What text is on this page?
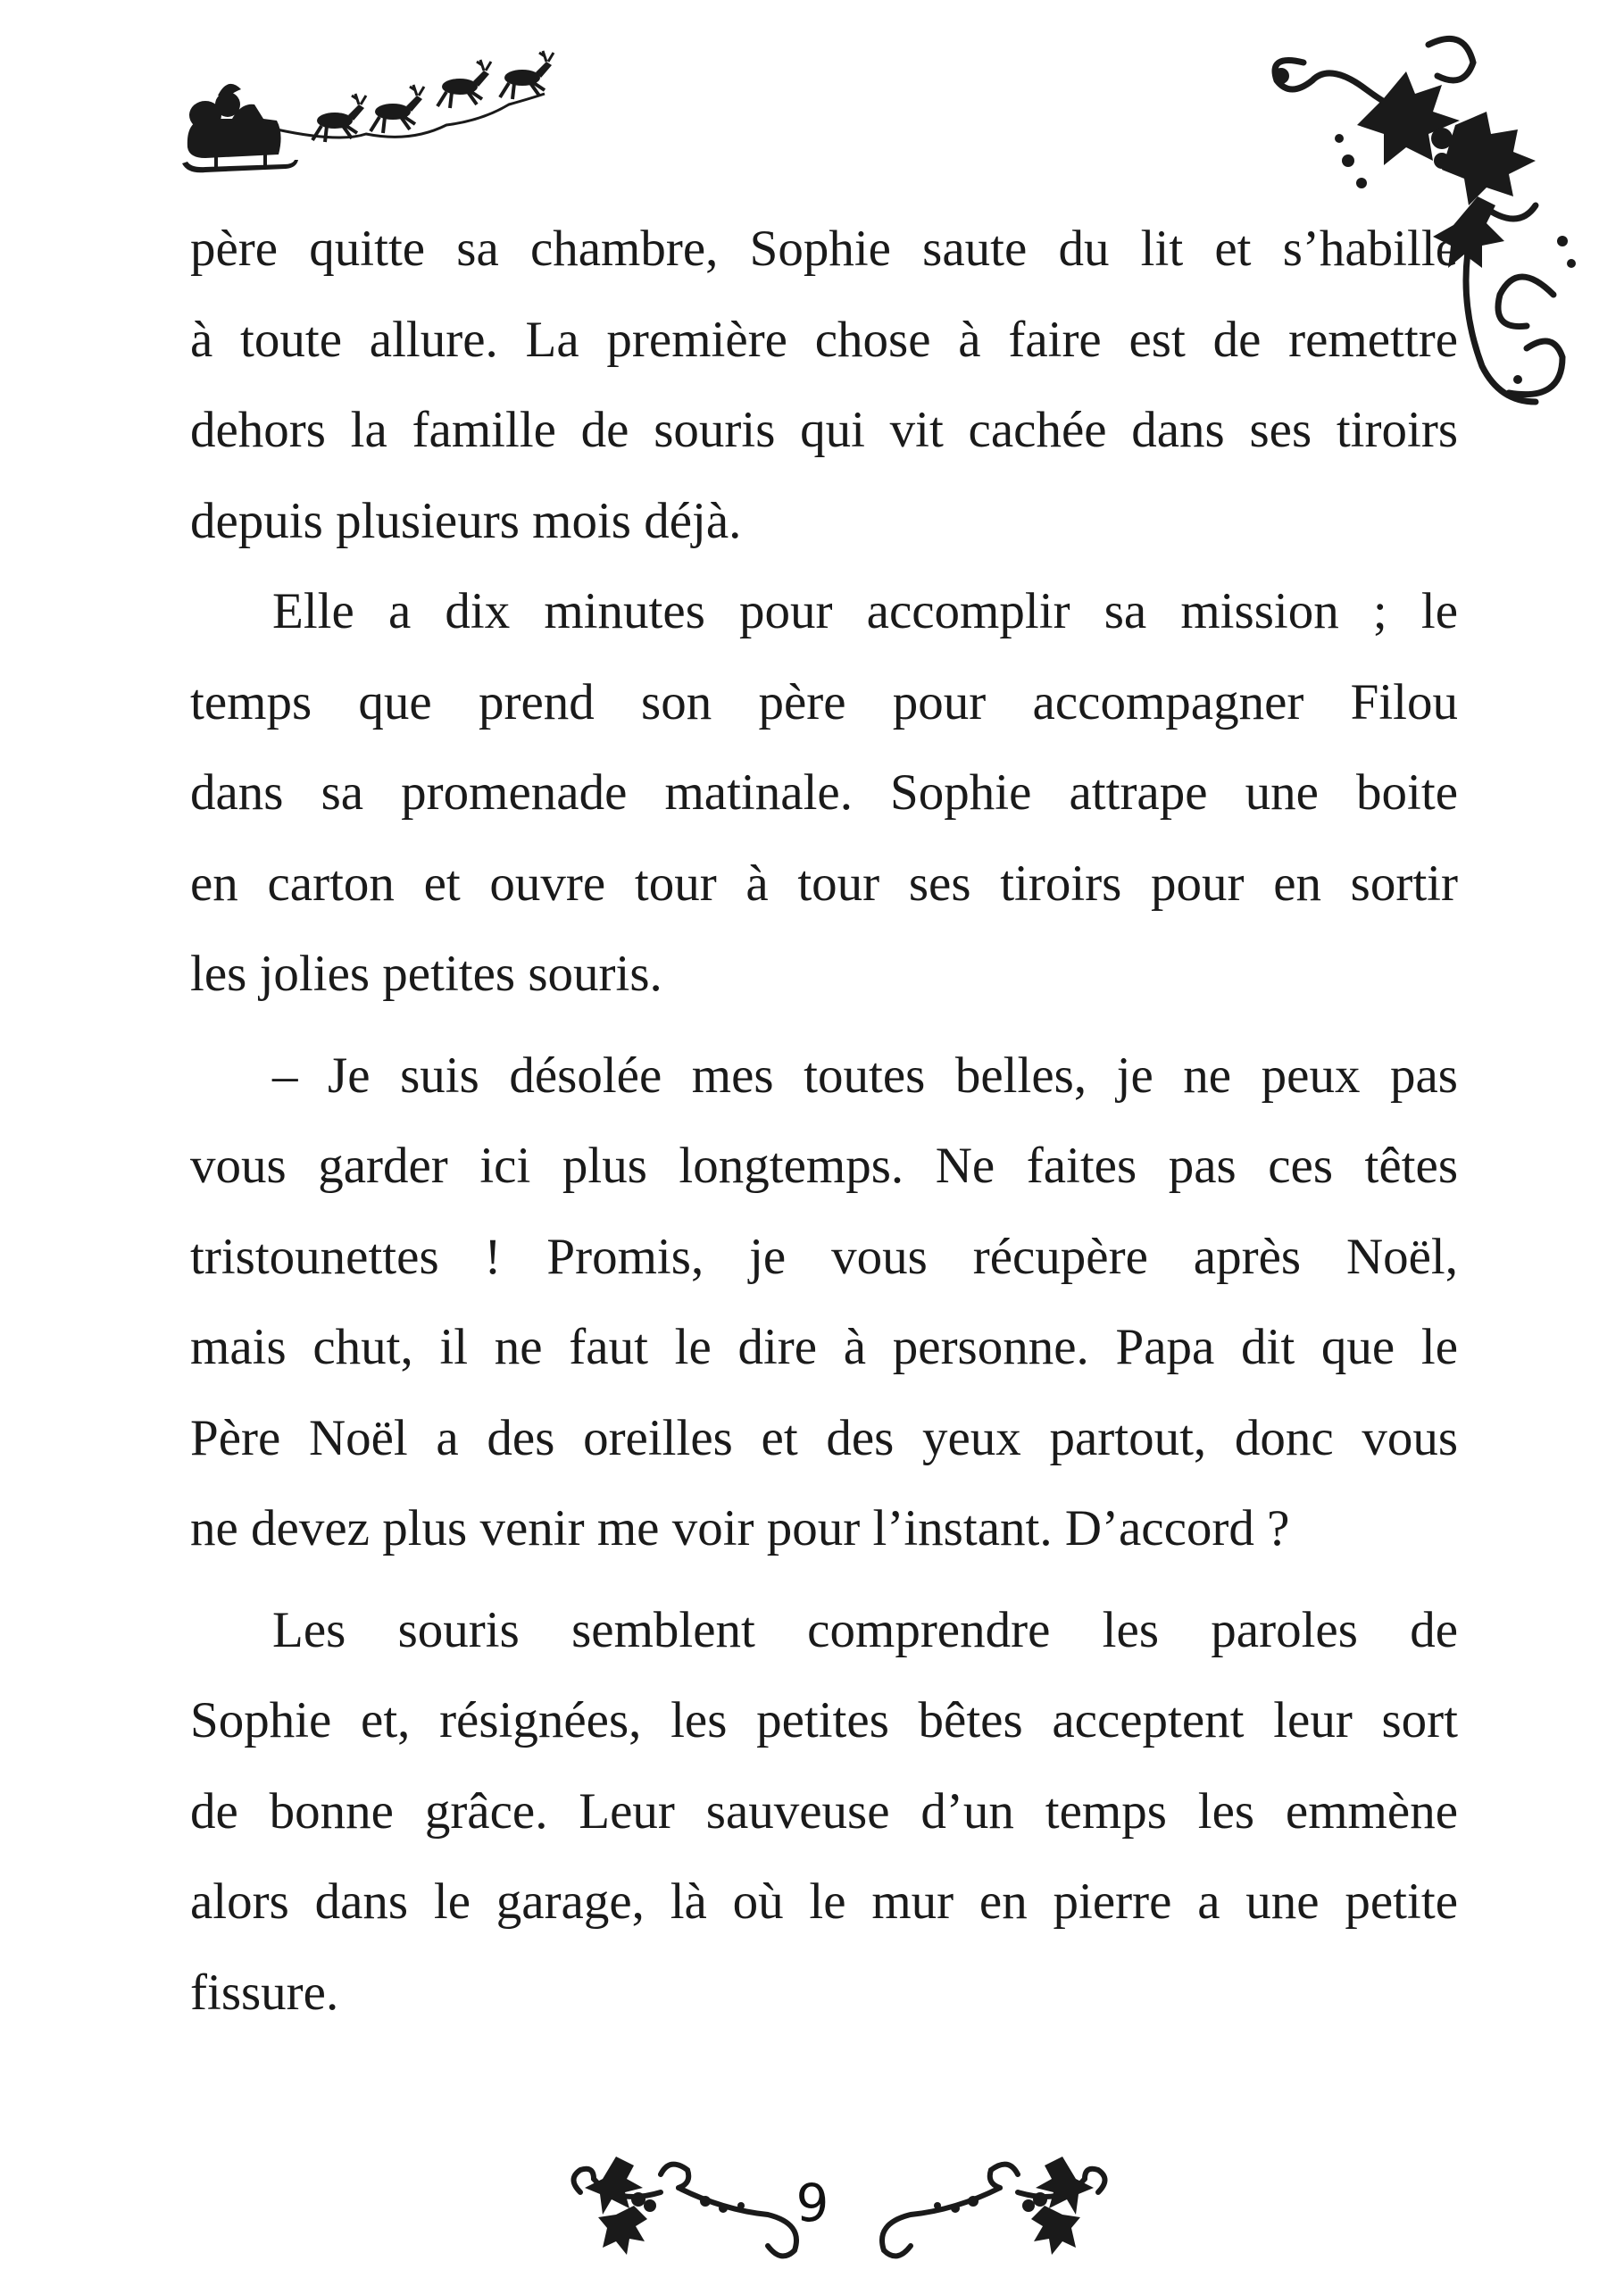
père quitte sa chambre, Sophie saute du lit et s’habille
à toute allure. La première chose à faire est de remettre
dehors la famille de souris qui vit cachée dans ses tiroirs
depuis plusieurs mois déjà.

Elle a dix minutes pour accomplir sa mission ; le
temps que prend son père pour accompagner Filou
dans sa promenade matinale. Sophie attrape une boite
en carton et ouvre tour à tour ses tiroirs pour en sortir
les jolies petites souris.

– Je suis désolée mes toutes belles, je ne peux pas
vous garder ici plus longtemps. Ne faites pas ces têtes
tristounettes ! Promis, je vous récupère après Noël,
mais chut, il ne faut le dire à personne. Papa dit que le
Père Noël a des oreilles et des yeux partout, donc vous
ne devez plus venir me voir pour l’instant. D’accord ?

Les souris semblent comprendre les paroles de
Sophie et, résignées, les petites bêtes acceptent leur sort
de bonne grâce. Leur sauveuse d’un temps les emmène
alors dans le garage, là où le mur en pierre a une petite
fissure.

9
